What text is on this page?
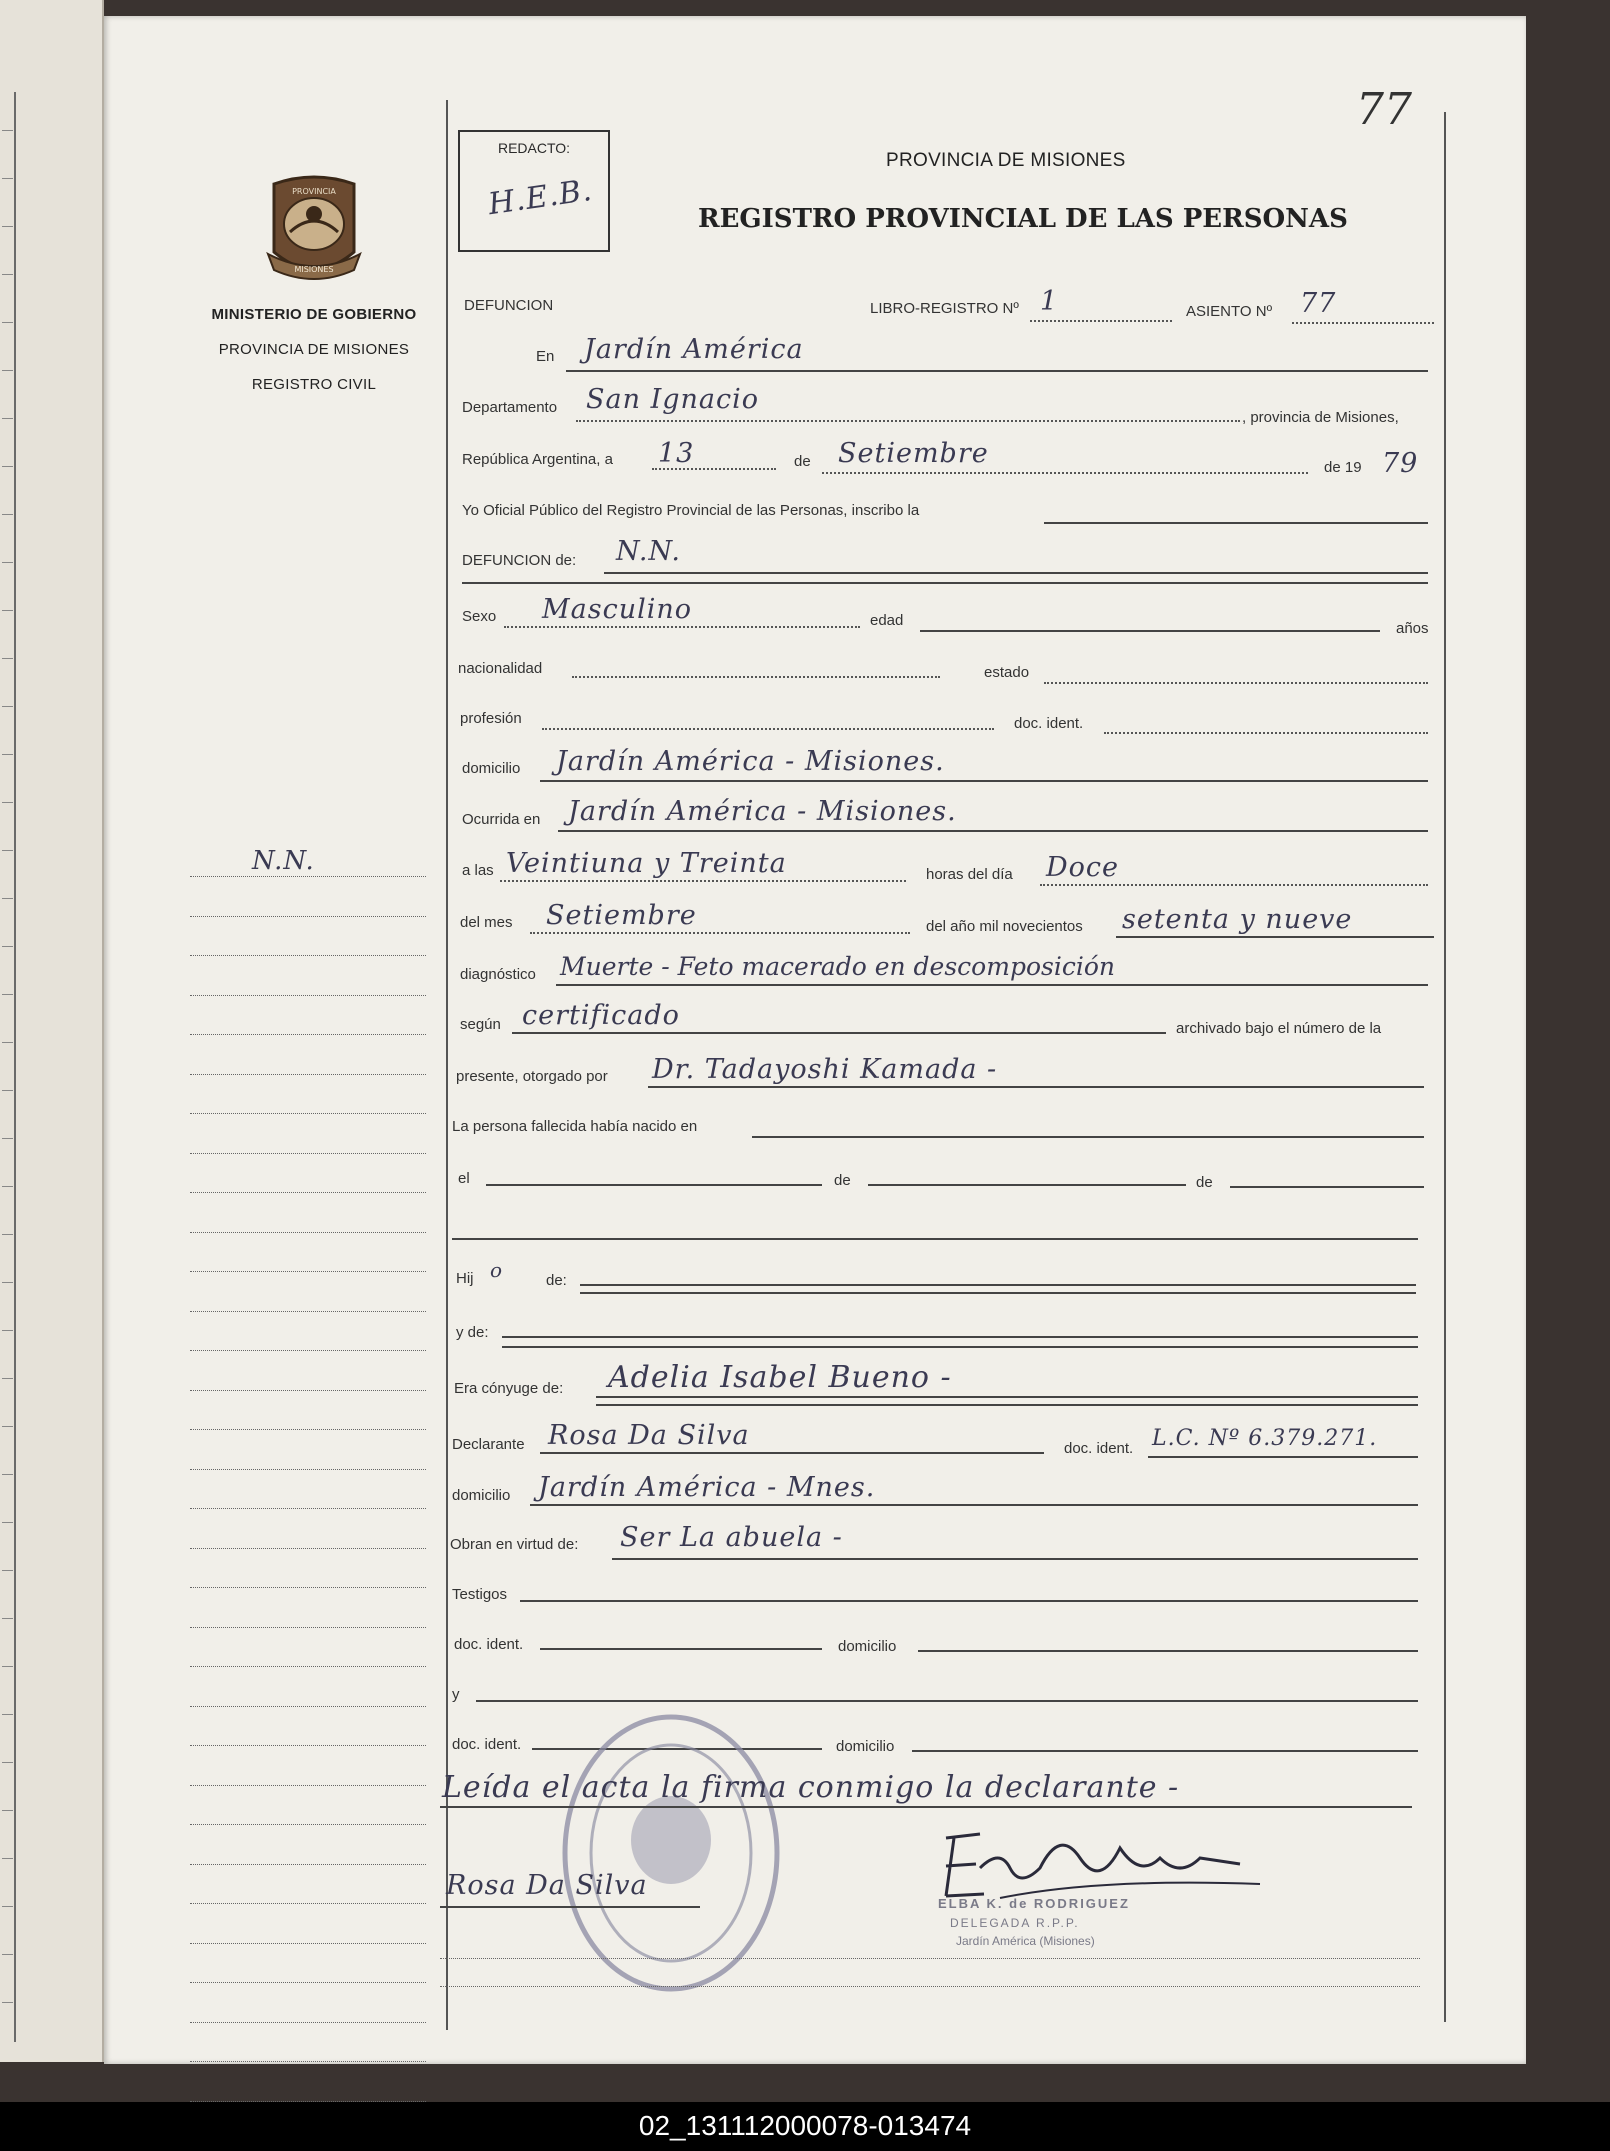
77
REDACTO:
H.E.B.
PROVINCIA DE MISIONES
REGISTRO PROVINCIAL DE LAS PERSONAS
PROVINCIA
MISIONES
MINISTERIO DE GOBIERNO
PROVINCIA DE MISIONES
REGISTRO CIVIL
N.N.
DEFUNCION	LIBRO-REGISTRO Nº 1	ASIENTO Nº 77
En Jardín América
Departamento San Ignacio
, provincia de Misiones,
República Argentina, a 13	de Setiembre	de 19 79
Yo Oficial Público del Registro Provincial de las Personas, inscribo la
DEFUNCION de: N.N.
Sexo Masculino	edad	años
nacionalidad	estado
profesión	doc. ident.
domicilio Jardín América - Misiones.
Ocurrida en Jardín América - Misiones.
a las Veintiuna y Treinta	horas del día Doce
del mes Setiembre	del año mil novecientos setenta y nueve
diagnóstico Muerte - Feto macerado en descomposición
según certificado	archivado bajo el número de la
presente, otorgado por Dr. Tadayoshi Kamada -
La persona fallecida había nacido en
el	de	de
Hij o	de:
y de:
Era cónyuge de: Adelia Isabel Bueno -
Declarante Rosa Da Silva	doc. ident. L.C. Nº 6.379.271.
domicilio Jardín América - Mnes.
Obran en virtud de: Ser La abuela -
Testigos
doc. ident.	domicilio
y
doc. ident.	domicilio
Leída el acta la firma conmigo la declarante -
Rosa Da Silva
ELBA K. de RODRIGUEZ
DELEGADA R.P.P.
Jardín América (Misiones)
02_131112000078-013474
